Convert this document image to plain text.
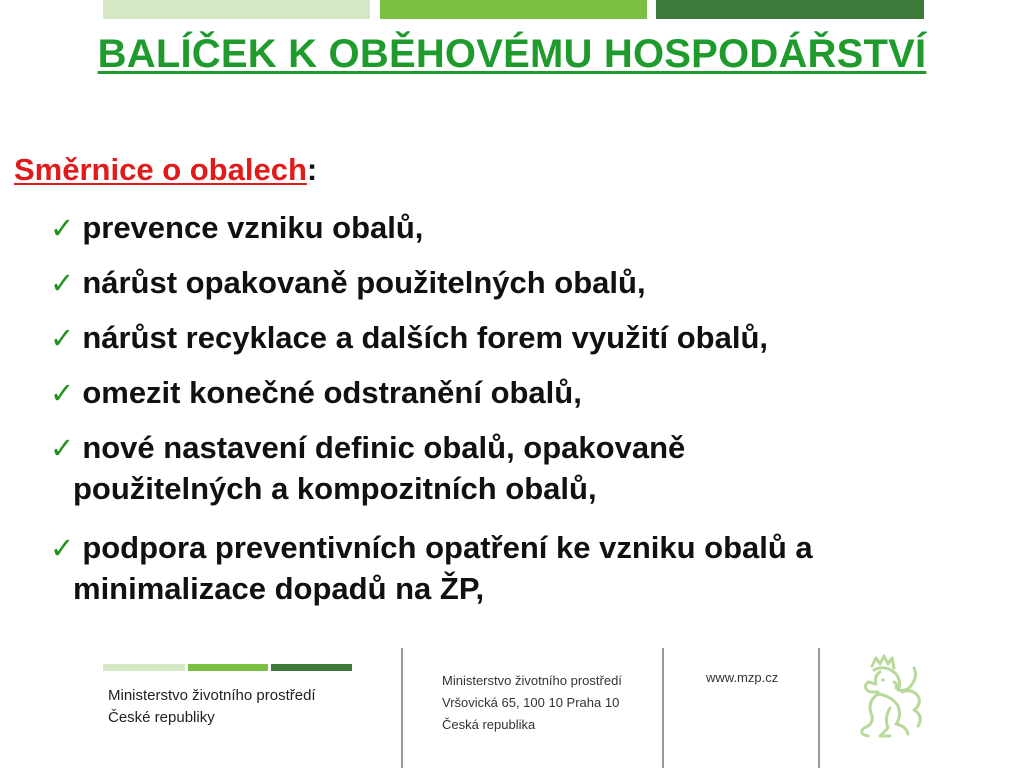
BALÍČEK K OBĚHOVÉMU HOSPODÁŘSTVÍ
Směrnice o obalech:
✓ prevence vzniku obalů,
✓ nárůst opakovaně použitelných obalů,
✓ nárůst recyklace a dalších forem využití obalů,
✓ omezit konečné odstranění obalů,
✓ nové nastavení definic obalů, opakovaně
použitelných a kompozitních obalů,
✓ podpora preventivních opatření ke vzniku obalů a
minimalizace dopadů na ŽP,
Ministerstvo životního prostředí
České republiky
Ministerstvo životního prostředí
Vršovická 65, 100 10 Praha 10
Česká republika
www.mzp.cz
